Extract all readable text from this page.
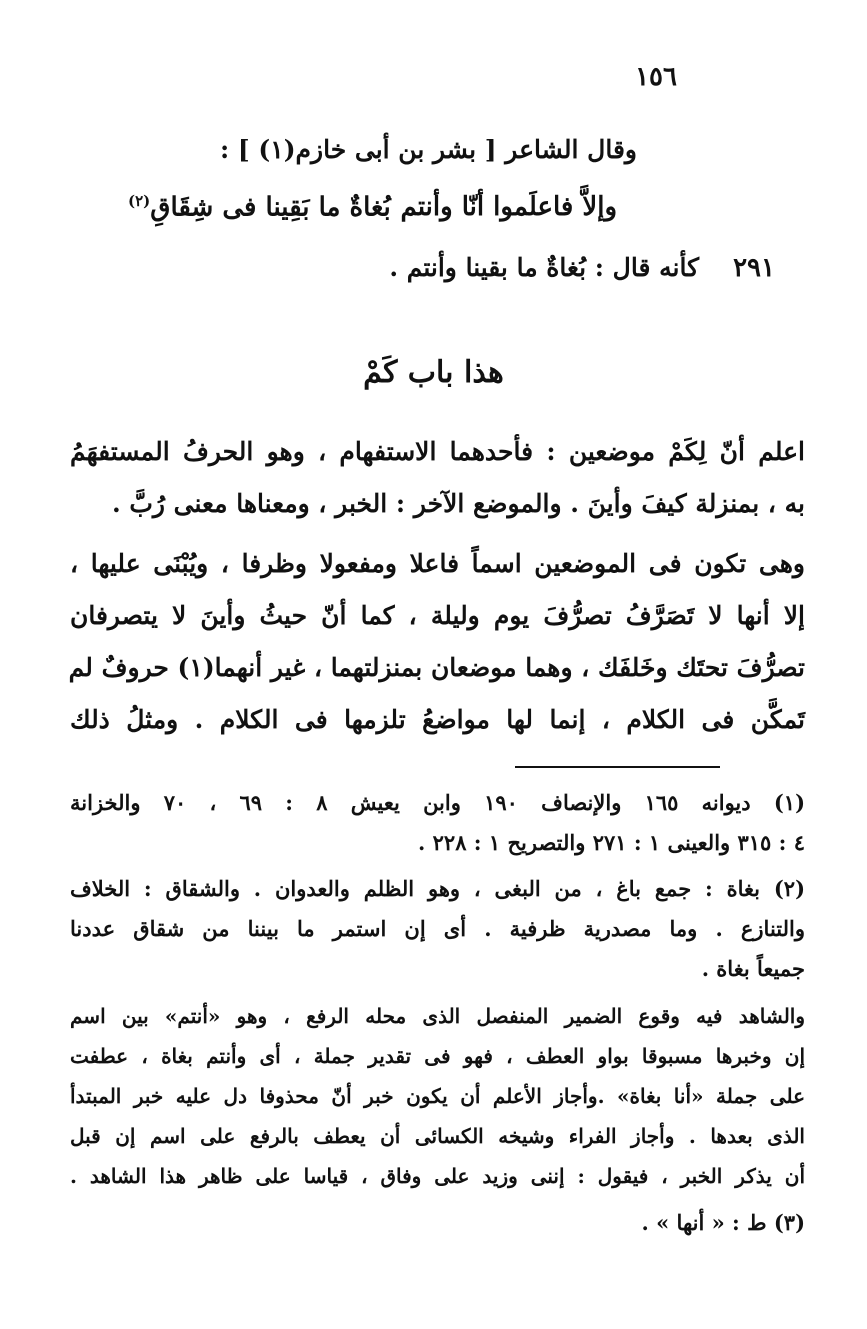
١٥٦
وقال الشاعر [ بشر بن أبى خازم(١) ] :
وإلاَّ فاعلَموا أنّا وأنتم
بُغاةٌ ما بَقِينا فى شِقَاقِ$^{(٢)}$
٢٩١
كأنه قال : بُغاةٌ ما بقينا وأنتم .
هذا باب كَمْ
اعلم أنّ لِكَمْ موضعين : فأحدهما الاستفهام ، وهو الحرفُ المستفهَمُ
به ، بمنزلة كيفَ وأينَ . والموضع الآخر : الخبر ، ومعناها معنى رُبَّ .
وهى تكون فى الموضعين اسماً فاعلا ومفعولا وظرفا ، ويُبْنَى عليها ،
إلا أنها لا تَصَرَّفُ تصرُّفَ يوم وليلة ، كما أنّ حيثُ وأينَ لا يتصرفان
تصرُّفَ تحتَك وخَلفَك ، وهما موضعان بمنزلتهما ، غير أنهما(١) حروفٌ لم
تَمكَّن فى الكلام ، إنما لها مواضعُ تلزمها فى الكلام . ومثلُ ذلك
(١) ديوانه ١٦٥ والإنصاف ١٩٠ وابن يعيش ٨ : ٦٩ ، ٧٠ والخزانة
٤ : ٣١٥ والعينى ١ : ٢٧١ والتصريح ١ : ٢٢٨ .
(٢) بغاة : جمع باغ ، من البغى ، وهو الظلم والعدوان . والشقاق : الخلاف
والتنازع . وما مصدرية ظرفية . أى إن استمر ما بيننا من شقاق عددنا
جميعاً بغاة .
والشاهد فيه وقوع الضمير المنفصل الذى محله الرفع ، وهو «أنتم» بين اسم
إن وخبرها مسبوقا بواو العطف ، فهو فى تقدير جملة ، أى وأنتم بغاة ، عطفت
على جملة «أنا بغاة» .وأجاز الأعلم أن يكون خبر أنّ محذوفا دل عليه خبر المبتدأ
الذى بعدها . وأجاز الفراء وشيخه الكسائى أن يعطف بالرفع على اسم إن قبل
أن يذكر الخبر ، فيقول : إننى وزيد على وفاق ، قياسا على ظاهر هذا الشاهد .
(٣) ط : « أنها » .
